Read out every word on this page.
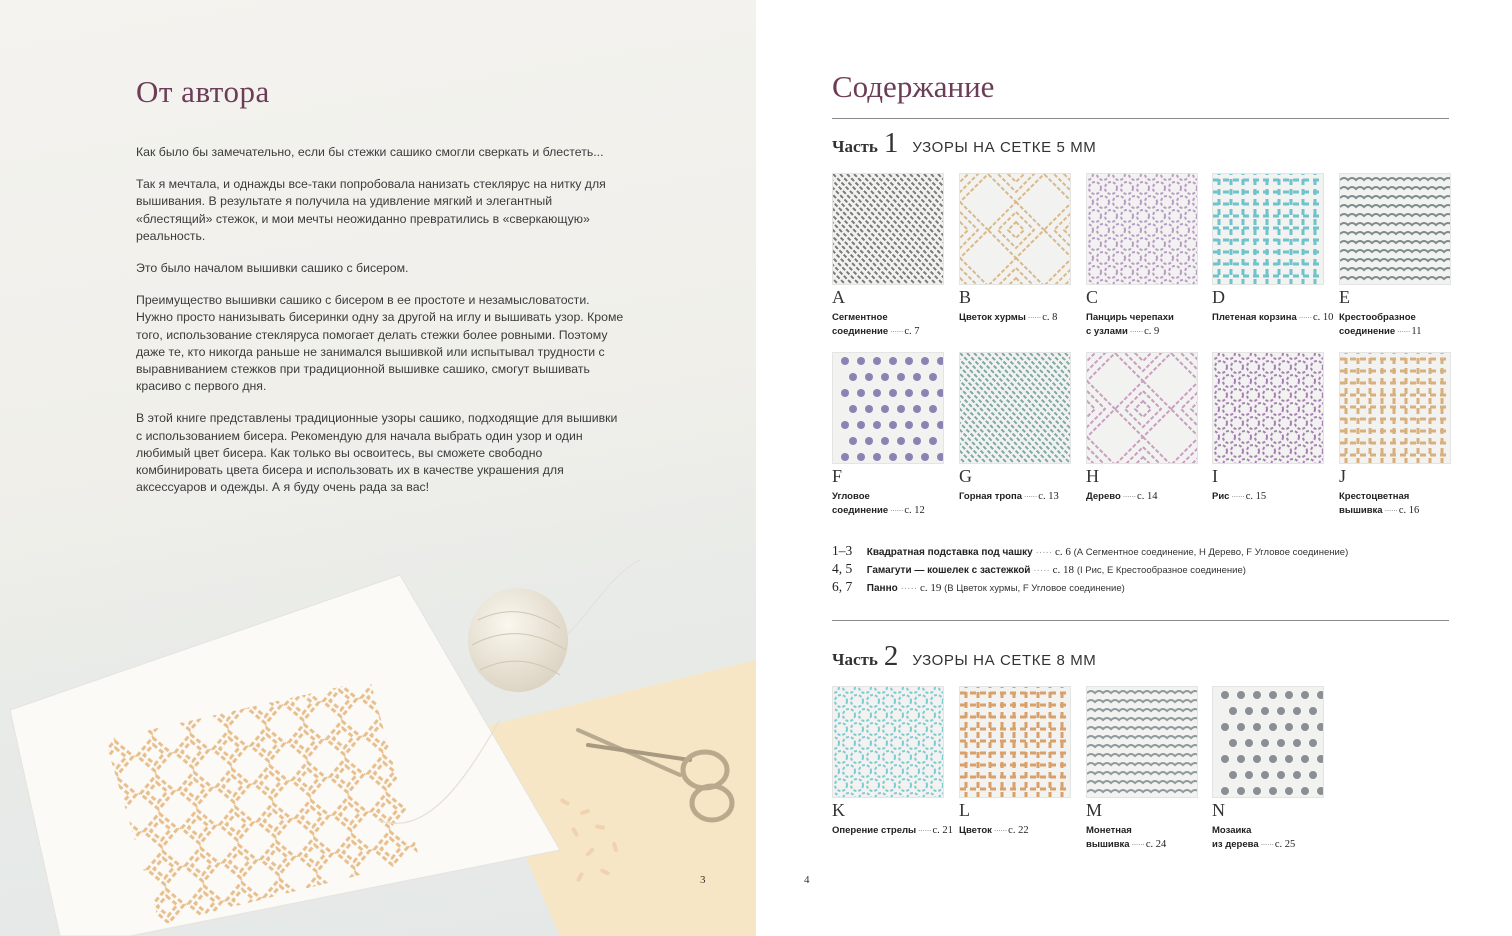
От автора

Как было бы замечательно, если бы стежки сашико смогли сверкать и блестеть...

Так я мечтала, и однажды все-таки попробовала нанизать стеклярус на нитку для вышивания. В результате я получила на удивление мягкий и элегантный «блестящий» стежок, и мои мечты неожиданно превратились в «сверкающую» реальность.

Это было началом вышивки сашико с бисером.

Преимущество вышивки сашико с бисером в ее простоте и незамысловатости. Нужно просто нанизывать бисеринки одну за другой на иглу и вышивать узор. Кроме того, использование стекляруса помогает делать стежки более ровными. Поэтому даже те, кто никогда раньше не занимался вышивкой или испытывал трудности с выравниванием стежков при традиционной вышивке сашико, смогут вышивать красиво с первого дня.

В этой книге представлены традиционные узоры сашико, подходящие для вышивки с использованием бисера. Рекомендую для начала выбрать один узор и один любимый цвет бисера. Как только вы освоитесь, вы сможете свободно комбинировать цвета бисера и использовать их в качестве украшения для аксессуаров и одежды. А я буду очень рада за вас!

3
Содержание
Часть 1 УЗОРЫ НА СЕТКЕ 5 ММ
A
Сегментное
соединение ······ с. 7
B
Цветок хурмы ······ с. 8
C
Панцирь черепахи
с узлами ······ с. 9
D
Плетеная корзина ······ с. 10
E
Крестообразное
соединение ······ 11
F
Угловое
соединение ······ с. 12
G
Горная тропа ······ с. 13
H
Дерево ······ с. 14
I
Рис ······ с. 15
J
Крестоцветная
вышивка ······ с. 16
1–3 Квадратная подставка под чашку ····· с. 6 (А Сегментное соединение, Н Дерево, F Угловое соединение)
4, 5 Гамагути — кошелек с застежкой ····· с. 18 (I Рис, Е Крестообразное соединение)
6, 7 Панно ····· с. 19 (В Цветок хурмы, F Угловое соединение)
Часть 2 УЗОРЫ НА СЕТКЕ 8 ММ
K
Оперение стрелы ······ с. 21
L
Цветок ······ с. 22
M
Монетная
вышивка ······ с. 24
N
Мозаика
из дерева ······ с. 25
4
